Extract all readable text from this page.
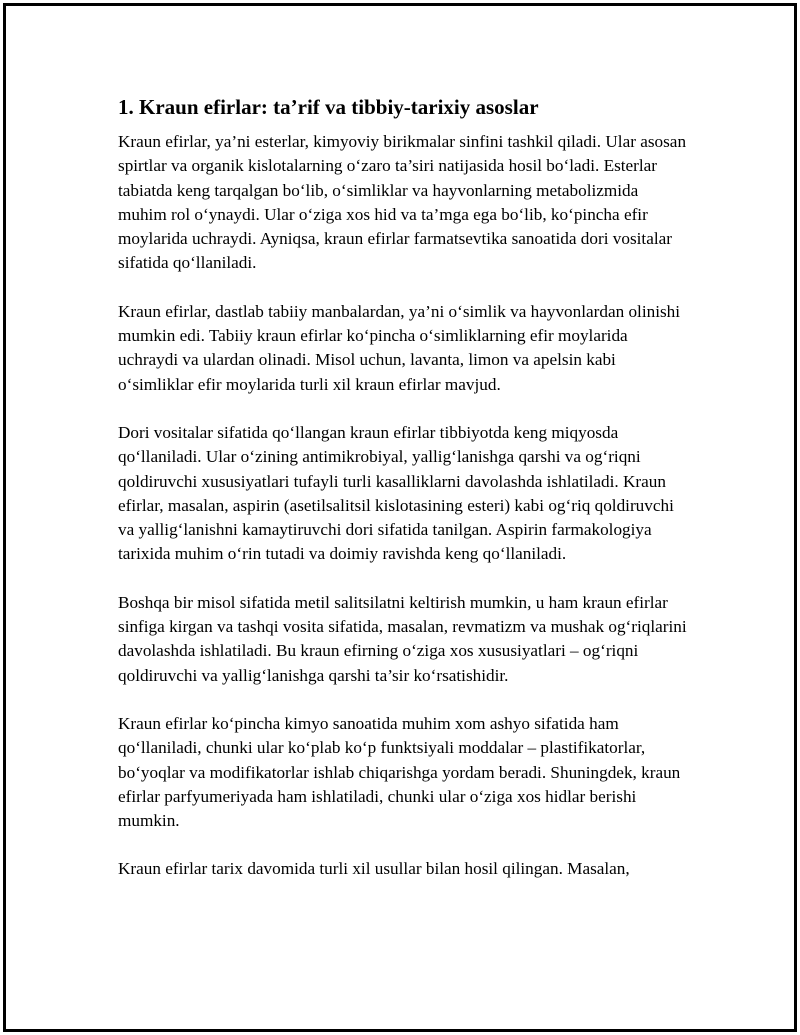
1. Kraun efirlar: ta’rif va tibbiy-tarixiy asoslar

Kraun efirlar, ya’ni esterlar, kimyoviy birikmalar sinfini tashkil qiladi. Ular asosan spirtlar va organik kislotalarning o‘zaro ta’siri natijasida hosil bo‘ladi. Esterlar tabiatda keng tarqalgan bo‘lib, o‘simliklar va hayvonlarning metabolizmida muhim rol o‘ynaydi. Ular o‘ziga xos hid va ta’mga ega bo‘lib, ko‘pincha efir moylarida uchraydi. Ayniqsa, kraun efirlar farmatsevtika sanoatida dori vositalar sifatida qo‘llaniladi.

Kraun efirlar, dastlab tabiiy manbalardan, ya’ni o‘simlik va hayvonlardan olinishi mumkin edi. Tabiiy kraun efirlar ko‘pincha o‘simliklarning efir moylarida uchraydi va ulardan olinadi. Misol uchun, lavanta, limon va apelsin kabi o‘simliklar efir moylarida turli xil kraun efirlar mavjud.

Dori vositalar sifatida qo‘llangan kraun efirlar tibbiyotda keng miqyosda qo‘llaniladi. Ular o‘zining antimikrobiyal, yallig‘lanishga qarshi va og‘riqni qoldiruvchi xususiyatlari tufayli turli kasalliklarni davolashda ishlatiladi. Kraun efirlar, masalan, aspirin (asetilsalitsil kislotasining esteri) kabi og‘riq qoldiruvchi va yallig‘lanishni kamaytiruvchi dori sifatida tanilgan. Aspirin farmakologiya tarixida muhim o‘rin tutadi va doimiy ravishda keng qo‘llaniladi.

Boshqa bir misol sifatida metil salitsilatni keltirish mumkin, u ham kraun efirlar sinfiga kirgan va tashqi vosita sifatida, masalan, revmatizm va mushak og‘riqlarini davolashda ishlatiladi. Bu kraun efirning o‘ziga xos xususiyatlari – og‘riqni qoldiruvchi va yallig‘lanishga qarshi ta’sir ko‘rsatishidir.

Kraun efirlar ko‘pincha kimyo sanoatida muhim xom ashyo sifatida ham qo‘llaniladi, chunki ular ko‘plab ko‘p funktsiyali moddalar – plastifikatorlar, bo‘yoqlar va modifikatorlar ishlab chiqarishga yordam beradi. Shuningdek, kraun efirlar parfyumeriyada ham ishlatiladi, chunki ular o‘ziga xos hidlar berishi mumkin.

Kraun efirlar tarix davomida turli xil usullar bilan hosil qilingan. Masalan,
